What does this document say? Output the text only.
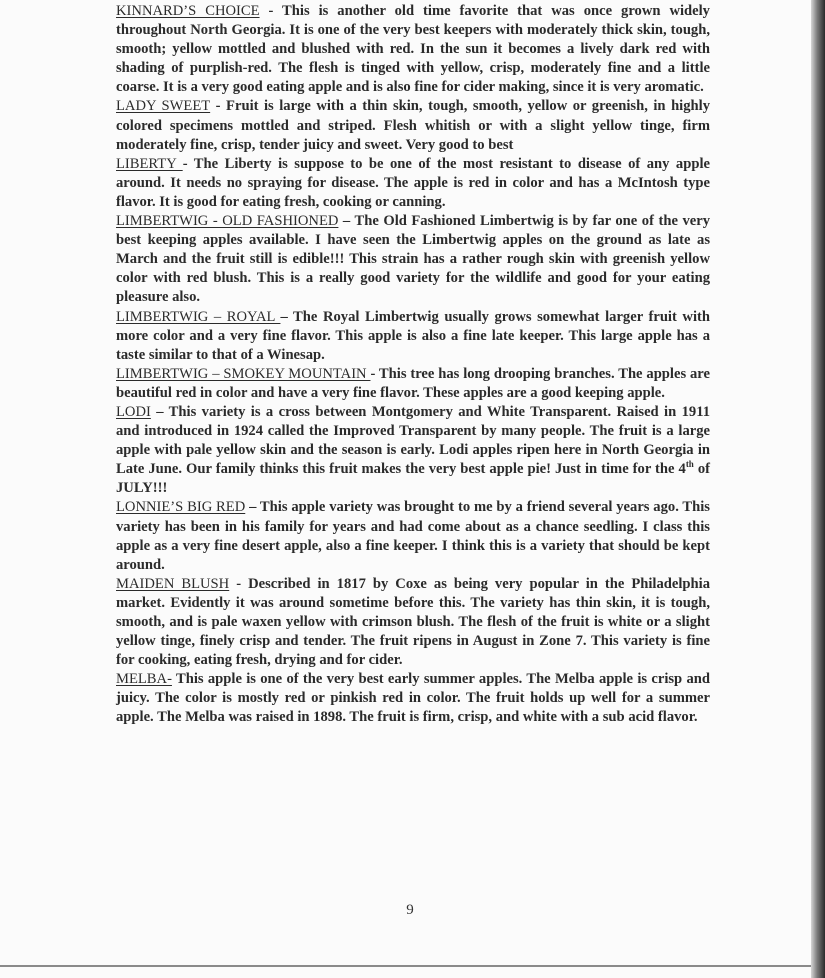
KINNARD’S CHOICE - This is another old time favorite that was once grown widely throughout North Georgia. It is one of the very best keepers with moderately thick skin, tough, smooth; yellow mottled and blushed with red. In the sun it becomes a lively dark red with shading of purplish-red. The flesh is tinged with yellow, crisp, moderately fine and a little coarse. It is a very good eating apple and is also fine for cider making, since it is very aromatic.

LADY SWEET - Fruit is large with a thin skin, tough, smooth, yellow or greenish, in highly colored specimens mottled and striped. Flesh whitish or with a slight yellow tinge, firm moderately fine, crisp, tender juicy and sweet. Very good to best

LIBERTY - The Liberty is suppose to be one of the most resistant to disease of any apple around. It needs no spraying for disease. The apple is red in color and has a McIntosh type flavor. It is good for eating fresh, cooking or canning.

LIMBERTWIG - OLD FASHIONED – The Old Fashioned Limbertwig is by far one of the very best keeping apples available. I have seen the Limbertwig apples on the ground as late as March and the fruit still is edible!!! This strain has a rather rough skin with greenish yellow color with red blush. This is a really good variety for the wildlife and good for your eating pleasure also.

LIMBERTWIG – ROYAL – The Royal Limbertwig usually grows somewhat larger fruit with more color and a very fine flavor. This apple is also a fine late keeper. This large apple has a taste similar to that of a Winesap.

LIMBERTWIG – SMOKEY MOUNTAIN - This tree has long drooping branches. The apples are beautiful red in color and have a very fine flavor. These apples are a good keeping apple.

LODI – This variety is a cross between Montgomery and White Transparent. Raised in 1911 and introduced in 1924 called the Improved Transparent by many people. The fruit is a large apple with pale yellow skin and the season is early. Lodi apples ripen here in North Georgia in Late June. Our family thinks this fruit makes the very best apple pie! Just in time for the 4th of JULY!!!

LONNIE’S BIG RED – This apple variety was brought to me by a friend several years ago. This variety has been in his family for years and had come about as a chance seedling. I class this apple as a very fine desert apple, also a fine keeper. I think this is a variety that should be kept around.

MAIDEN BLUSH - Described in 1817 by Coxe as being very popular in the Philadelphia market. Evidently it was around sometime before this. The variety has thin skin, it is tough, smooth, and is pale waxen yellow with crimson blush. The flesh of the fruit is white or a slight yellow tinge, finely crisp and tender. The fruit ripens in August in Zone 7. This variety is fine for cooking, eating fresh, drying and for cider.

MELBA- This apple is one of the very best early summer apples. The Melba apple is crisp and juicy. The color is mostly red or pinkish red in color. The fruit holds up well for a summer apple. The Melba was raised in 1898. The fruit is firm, crisp, and white with a sub acid flavor.

9
